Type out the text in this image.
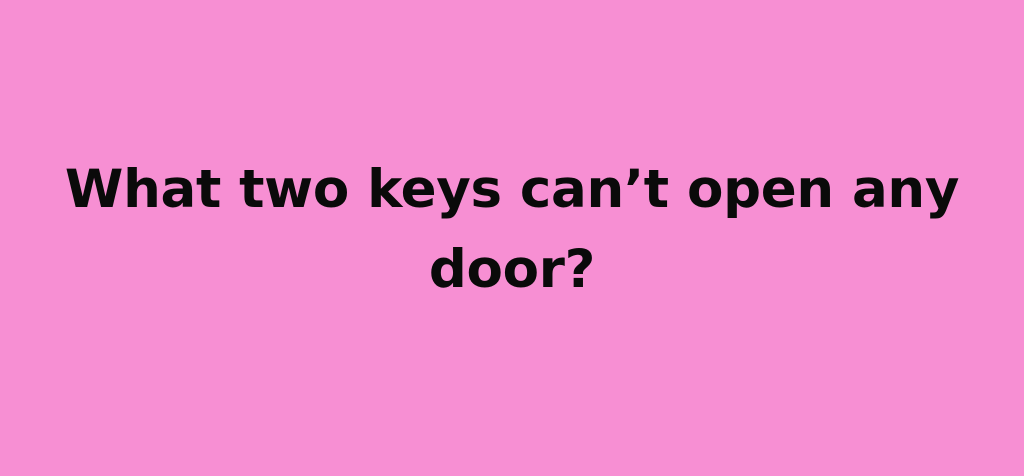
What two keys can’t open any
door?
